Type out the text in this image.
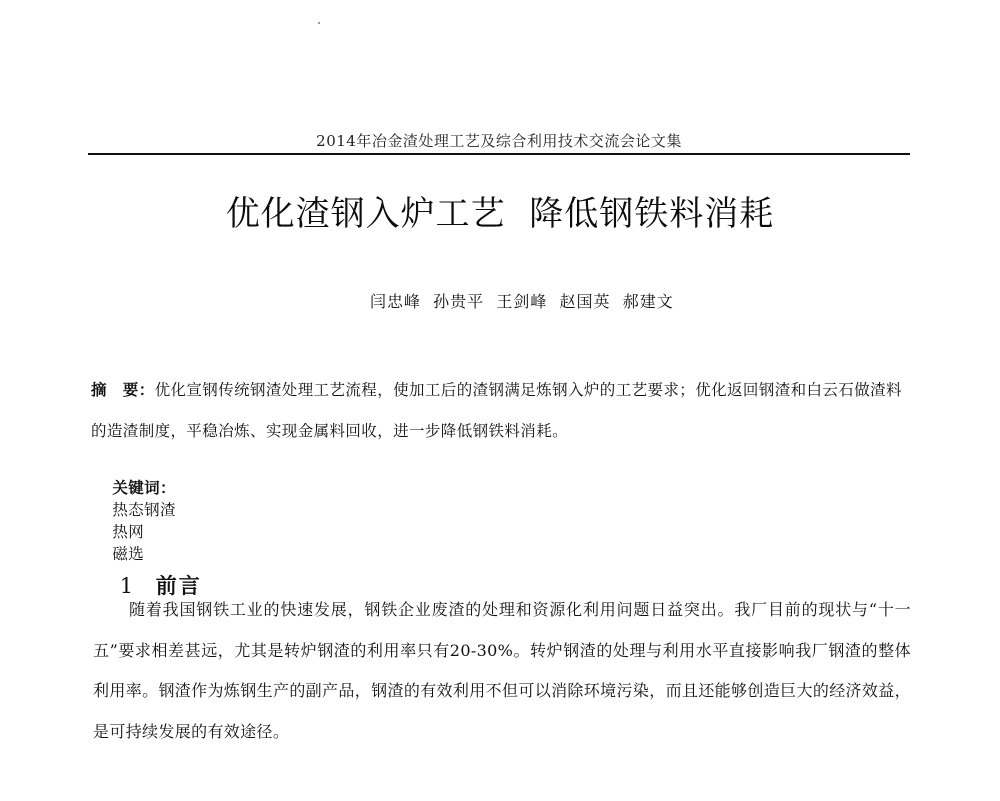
2014年冶金渣处理工艺及综合利用技术交流会论文集
优化渣钢入炉工艺  降低钢铁料消耗
闫忠峰  孙贵平  王剑峰  赵国英  郝建文
摘　要：优化宣钢传统钢渣处理工艺流程，使加工后的渣钢满足炼钢入炉的工艺要求；优化返回钢渣和白云石做渣料的造渣制度，平稳冶炼、实现金属料回收，进一步降低钢铁料消耗。

关键词：
热态钢渣
热网
磁选

1 前言

随着我国钢铁工业的快速发展，钢铁企业废渣的处理和资源化利用问题日益突出。我厂目前的现状与“十一五”要求相差甚远，尤其是转炉钢渣的利用率只有20-30%。转炉钢渣的处理与利用水平直接影响我厂钢渣的整体利用率。钢渣作为炼钢生产的副产品，钢渣的有效利用不但可以消除环境污染，而且还能够创造巨大的经济效益，是可持续发展的有效途径。
